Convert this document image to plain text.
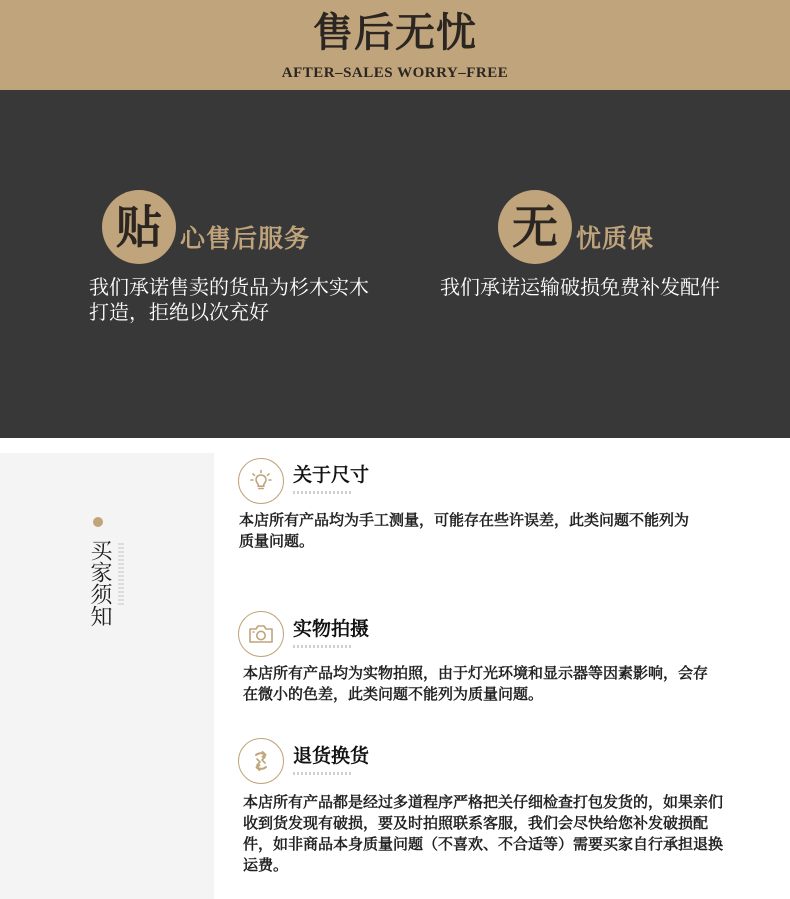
售后无忧
AFTER–SALES WORRY–FREE
贴 心售后服务
我们承诺售卖的货品为杉木实木打造，拒绝以次充好
无 忧质保
我们承诺运输破损免费补发配件
买家须知
关于尺寸
本店所有产品均为手工测量，可能存在些许误差，此类问题不能列为质量问题。
实物拍摄
本店所有产品均为实物拍照，由于灯光环境和显示器等因素影响，会存在微小的色差，此类问题不能列为质量问题。
退货换货
本店所有产品都是经过多道程序严格把关仔细检查打包发货的，如果亲们收到货发现有破损，要及时拍照联系客服，我们会尽快给您补发破损配件，如非商品本身质量问题（不喜欢、不合适等）需要买家自行承担退换运费。
